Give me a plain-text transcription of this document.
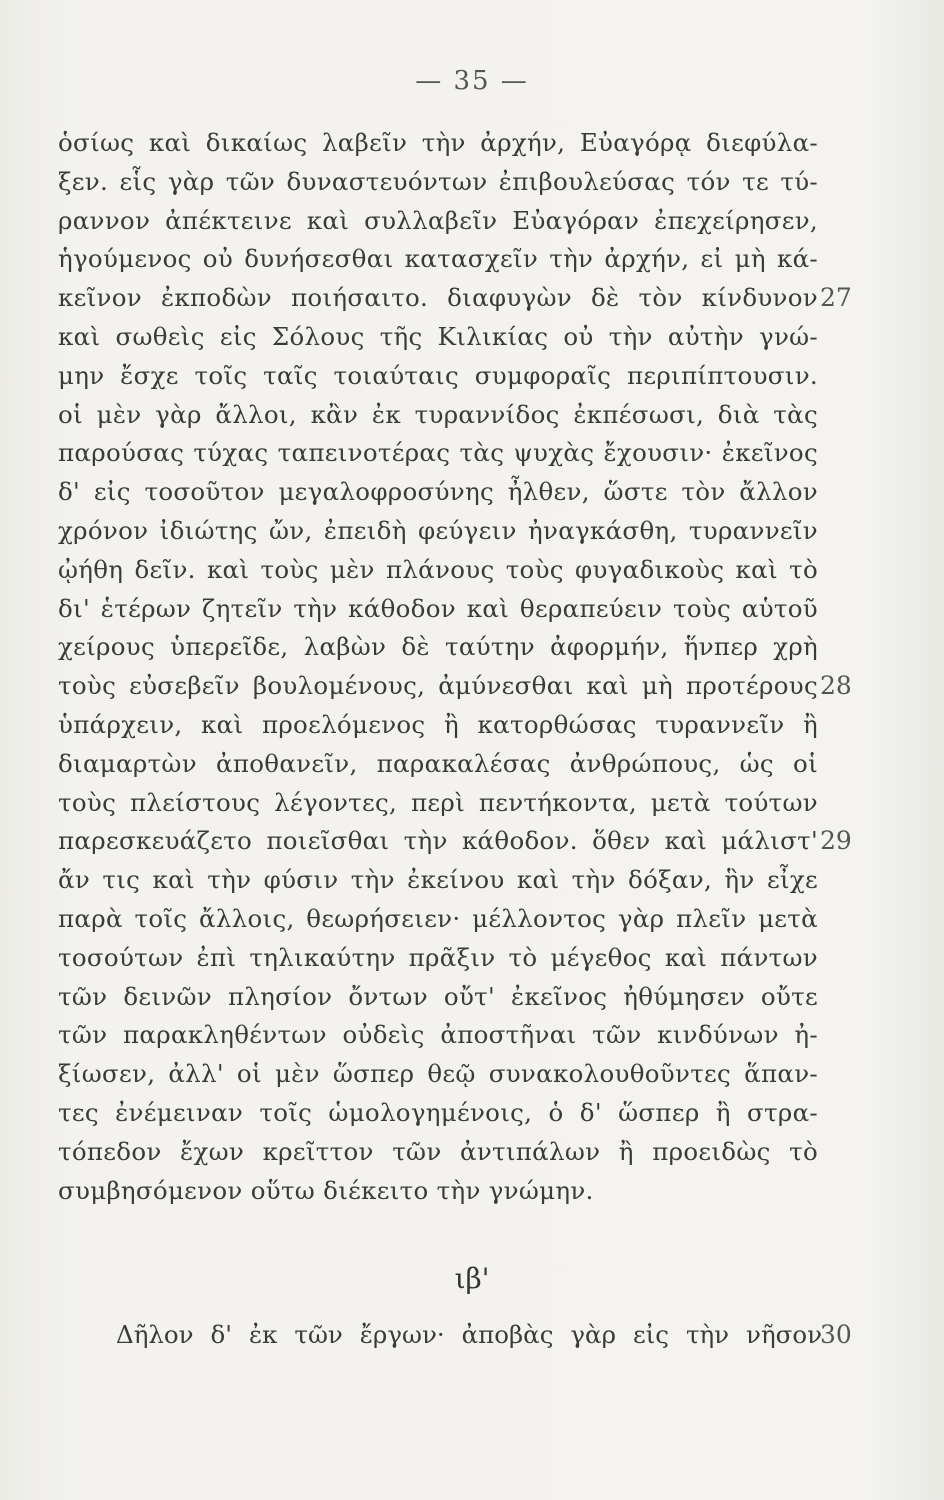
— 35 —
ὁσίως καὶ δικαίως λαβεῖν τὴν ἀρχήν, Εὐαγόρᾳ διεφύλα-
ξεν. εἷς γὰρ τῶν δυναστευόντων ἐπιβουλεύσας τόν τε τύ-
ραννον ἀπέκτεινε καὶ συλλαβεῖν Εὐαγόραν ἐπεχείρησεν,
ἡγούμενος οὐ δυνήσεσθαι κατασχεῖν τὴν ἀρχήν, εἰ μὴ κά-
κεῖνον ἐκποδὼν ποιήσαιτο. διαφυγὼν δὲ τὸν κίνδυνον
καὶ σωθεὶς εἰς Σόλους τῆς Κιλικίας οὐ τὴν αὐτὴν γνώ-
μην ἔσχε τοῖς ταῖς τοιαύταις συμφοραῖς περιπίπτουσιν.
οἱ μὲν γὰρ ἄλλοι, κἂν ἐκ τυραννίδος ἐκπέσωσι, διὰ τὰς
παρούσας τύχας ταπεινοτέρας τὰς ψυχὰς ἔχουσιν· ἐκεῖνος
δ' εἰς τοσοῦτον μεγαλοφροσύνης ἦλθεν, ὥστε τὸν ἄλλον
χρόνον ἰδιώτης ὤν, ἐπειδὴ φεύγειν ἠναγκάσθη, τυραννεῖν
ᾠήθη δεῖν. καὶ τοὺς μὲν πλάνους τοὺς φυγαδικοὺς καὶ τὸ
δι' ἑτέρων ζητεῖν τὴν κάθοδον καὶ θεραπεύειν τοὺς αὑτοῦ
χείρους ὑπερεῖδε, λαβὼν δὲ ταύτην ἀφορμήν, ἥνπερ χρὴ
τοὺς εὐσεβεῖν βουλομένους, ἀμύνεσθαι καὶ μὴ προτέρους
ὑπάρχειν, καὶ προελόμενος ἢ κατορθώσας τυραννεῖν ἢ
διαμαρτὼν ἀποθανεῖν, παρακαλέσας ἀνθρώπους, ὡς οἱ
τοὺς πλείστους λέγοντες, περὶ πεντήκοντα, μετὰ τούτων
παρεσκευάζετο ποιεῖσθαι τὴν κάθοδον. ὅθεν καὶ μάλιστ'
ἄν τις καὶ τὴν φύσιν τὴν ἐκείνου καὶ τὴν δόξαν, ἣν εἶχε
παρὰ τοῖς ἄλλοις, θεωρήσειεν· μέλλοντος γὰρ πλεῖν μετὰ
τοσούτων ἐπὶ τηλικαύτην πρᾶξιν τὸ μέγεθος καὶ πάντων
τῶν δεινῶν πλησίον ὄντων οὔτ' ἐκεῖνος ἠθύμησεν οὔτε
τῶν παρακληθέντων οὐδεὶς ἀποστῆναι τῶν κινδύνων ἠ-
ξίωσεν, ἀλλ' οἱ μὲν ὥσπερ θεῷ συνακολουθοῦντες ἅπαν-
τες ἐνέμειναν τοῖς ὡμολογημένοις, ὁ δ' ὥσπερ ἢ στρα-
τόπεδον ἔχων κρεῖττον τῶν ἀντιπάλων ἢ προειδὼς τὸ
συμβησόμενον οὕτω διέκειτο τὴν γνώμην.
27
28
29
ιβ'
Δῆλον δ' ἐκ τῶν ἔργων· ἀποβὰς γὰρ εἰς τὴν νῆσον
30
